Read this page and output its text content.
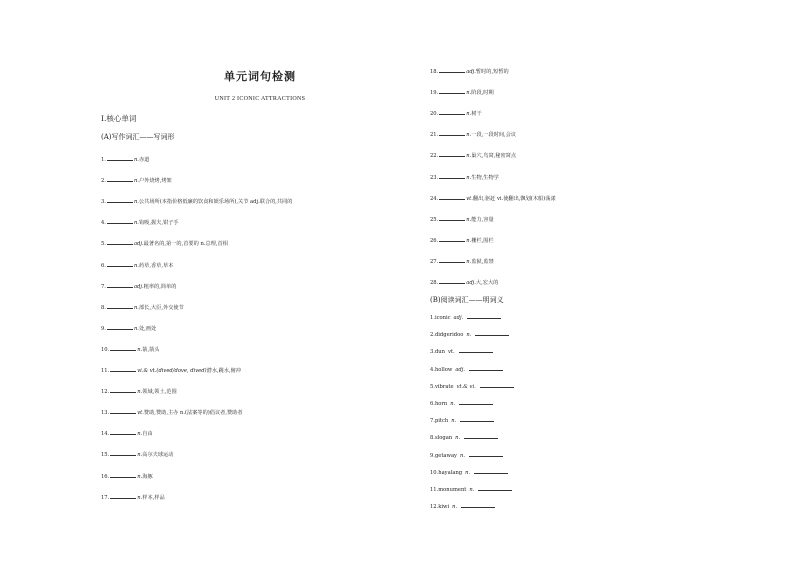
单元词句检测
UNIT 2 ICONIC ATTRACTIONS
Ⅰ.核心单词
(A)写作词汇——写词形
1.	n.赤道
2.	n.户外烧烤,烤架
3.	n.公共场所(本指价格低廉的饮食和娱乐场所),关节 adj.联合的,共同的
4.	n.钩吸,握夫,钳子手
5.	adj.最著名的,第一的,首要的 n.总理,首相
6.	n.药草,香草,草本
7.	adj.粗率的,简单的
8.	n.部长,大臣,外交使节
9.	n.处,画处
10.	n.箭,箭头
11.	vi.& vt.(dived/dove, dived)潜水,跳水,俯冲
12.	n.领域,领土,范围
13.	vt.赞助,赞助,主办 n.(法案等的)倡议者,赞助者
14.	n.自由
15.	n.高尔夫球运动
16.	n.海豚
17.	n.样本,样品
18.	adj.暂时的,短暂的
19.	n.阶段,时期
20.	n.树干
21.	n.一段,一段时间,会议
22.	n.巢穴,鸟窝,秘密窝点
23.	n.生物,生物学
24.	vt.翻出,驱赶 vi.使翻出,飘划(木船)荡漾
25.	n.能力,容量
26.	n.栅栏,围栏
27.	n.监狱,监禁
28.	adj.大,宏大的
(B)阅读词汇——明词义
1.iconic adj.
2.didgeridoo n.
3.dun vt.
4.hollow adj.
5.vibrate vt.& vi.
6.horn n.
7.pitch n.
8.slogan n.
9.getaway n.
10.hayalang n.
11.monument n.
12.kiwi n.
